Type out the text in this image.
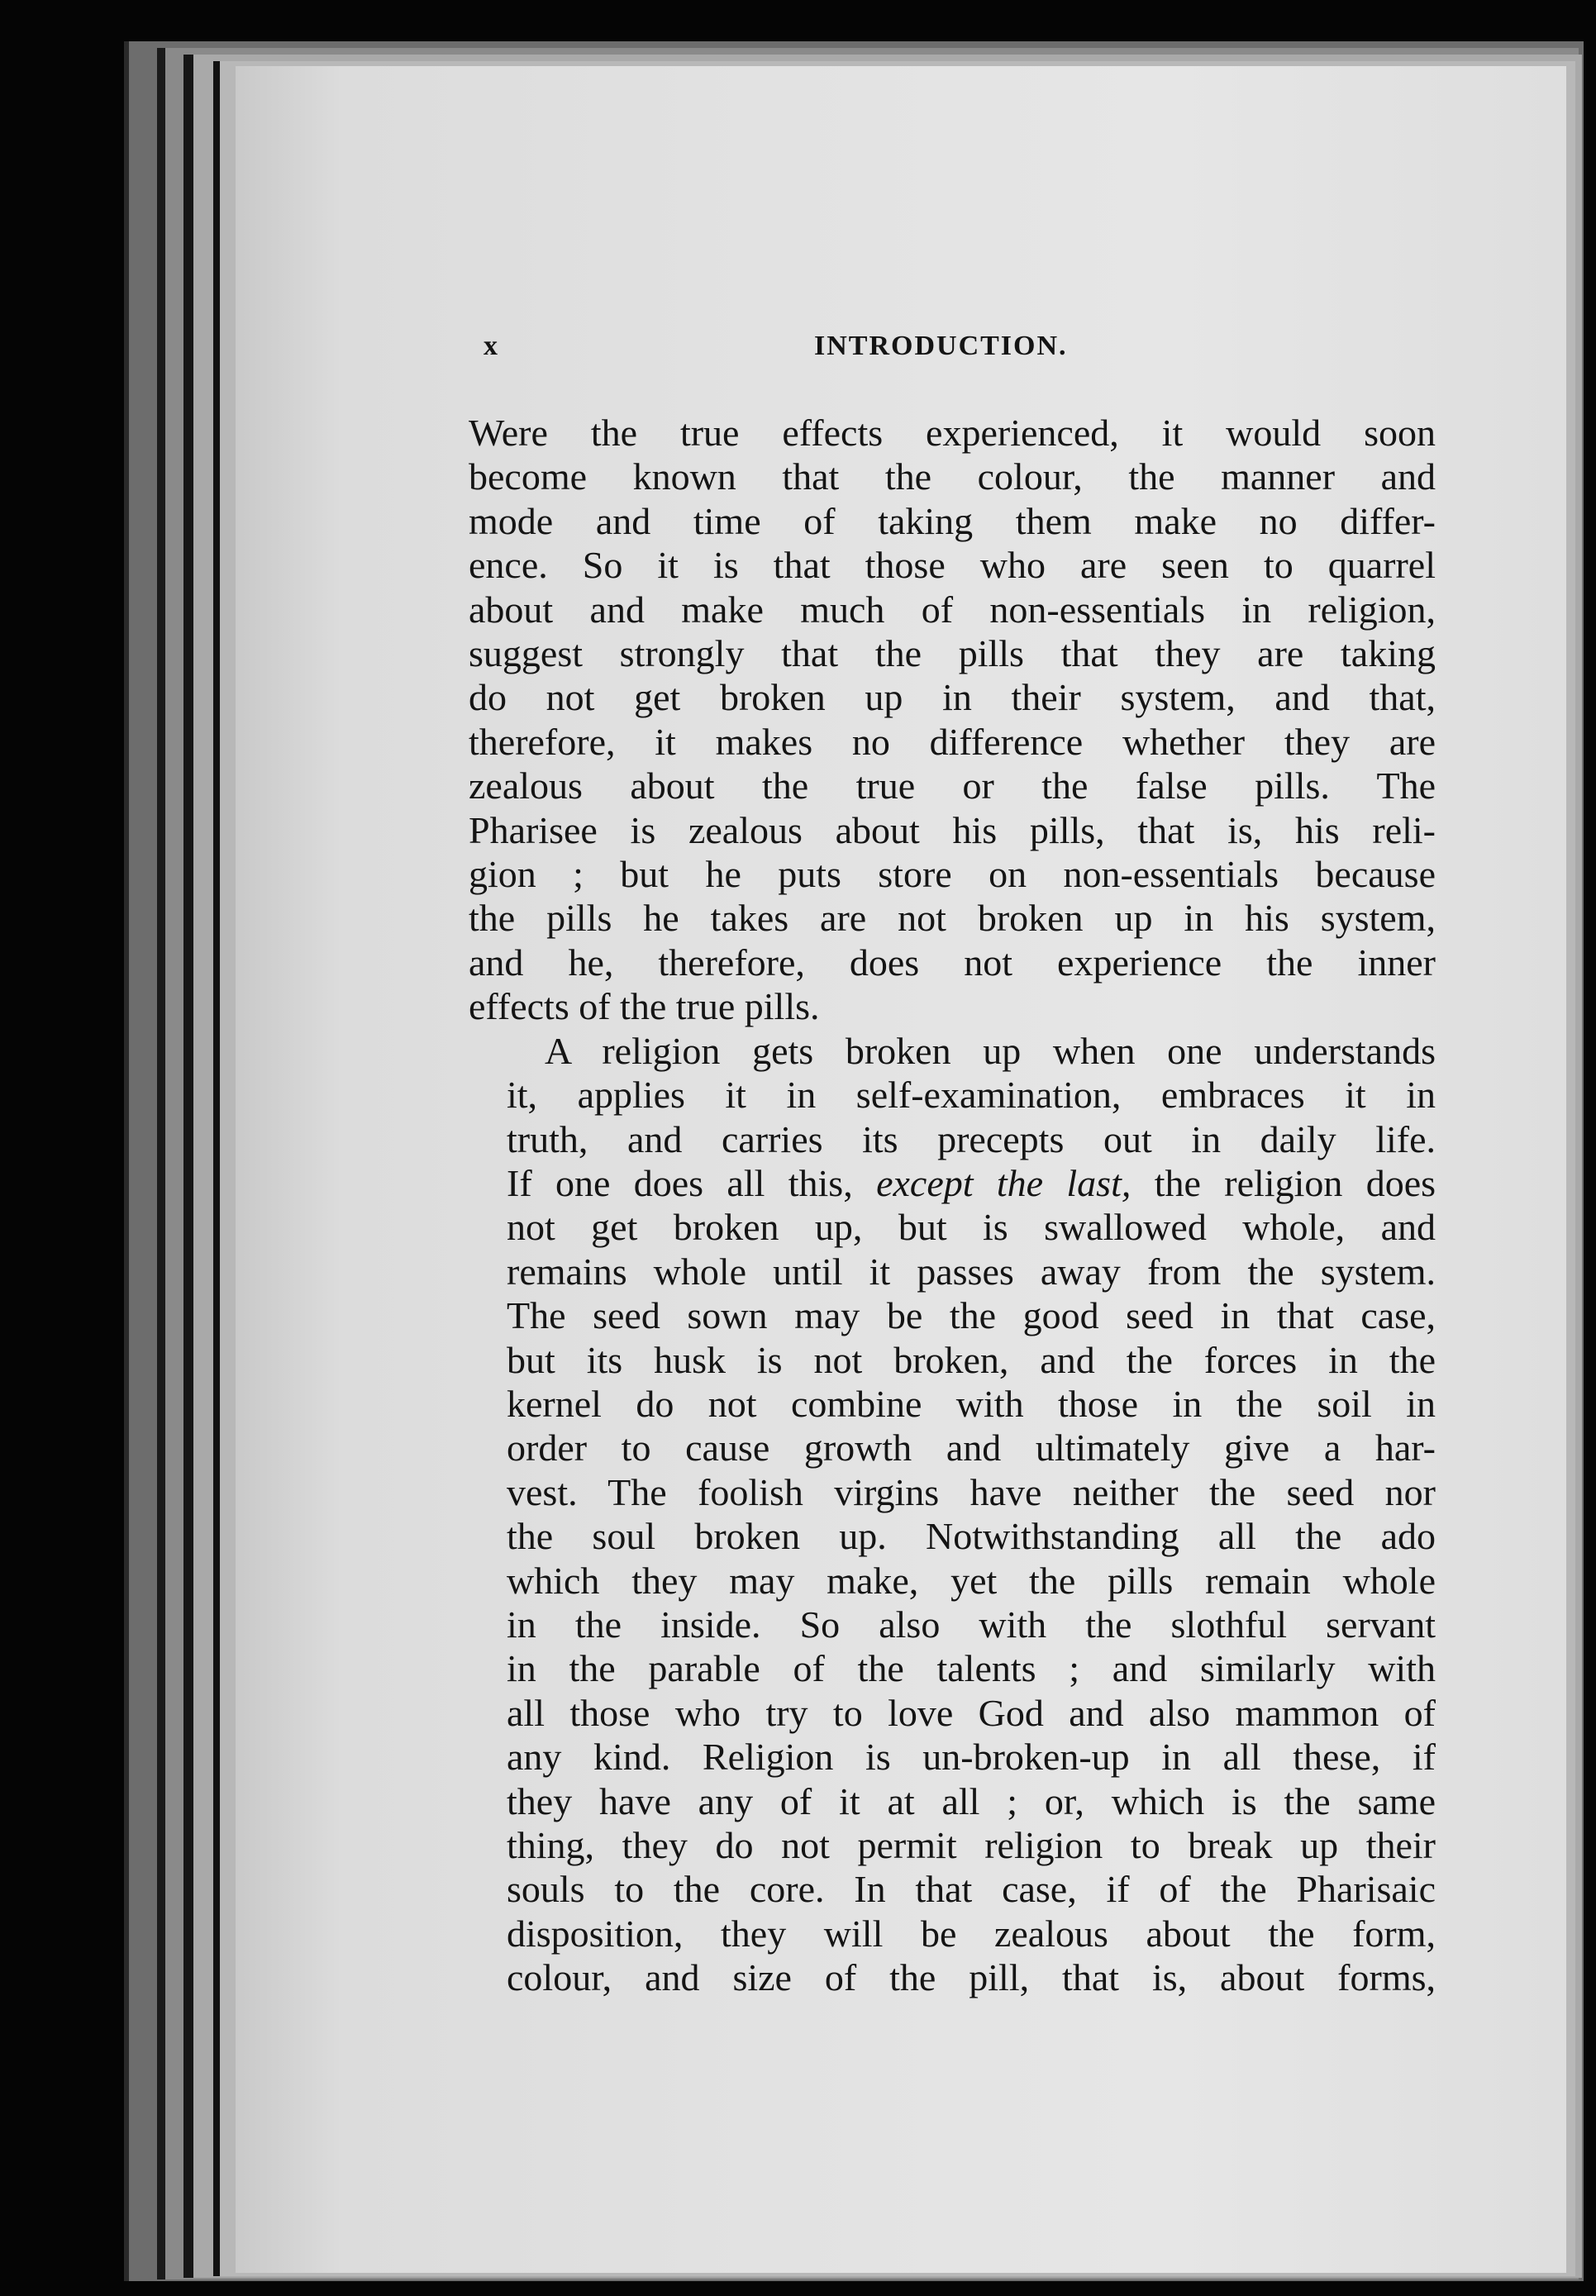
x	INTRODUCTION.
Were the true effects experienced, it would soon
become known that the colour, the manner and
mode and time of taking them make no differ-
ence. So it is that those who are seen to quarrel
about and make much of non-essentials in religion,
suggest strongly that the pills that they are taking
do not get broken up in their system, and that,
therefore, it makes no difference whether they are
zealous about the true or the false pills. The
Pharisee is zealous about his pills, that is, his reli-
gion ; but he puts store on non-essentials because
the pills he takes are not broken up in his system,
and he, therefore, does not experience the inner
effects of the true pills.
A religion gets broken up when one understands
it, applies it in self-examination, embraces it in
truth, and carries its precepts out in daily life.
If one does all this, except the last, the religion does
not get broken up, but is swallowed whole, and
remains whole until it passes away from the system.
The seed sown may be the good seed in that case,
but its husk is not broken, and the forces in the
kernel do not combine with those in the soil in
order to cause growth and ultimately give a har-
vest. The foolish virgins have neither the seed nor
the soul broken up. Notwithstanding all the ado
which they may make, yet the pills remain whole
in the inside. So also with the slothful servant
in the parable of the talents ; and similarly with
all those who try to love God and also mammon of
any kind. Religion is un-broken-up in all these, if
they have any of it at all ; or, which is the same
thing, they do not permit religion to break up their
souls to the core. In that case, if of the Pharisaic
disposition, they will be zealous about the form,
colour, and size of the pill, that is, about forms,
